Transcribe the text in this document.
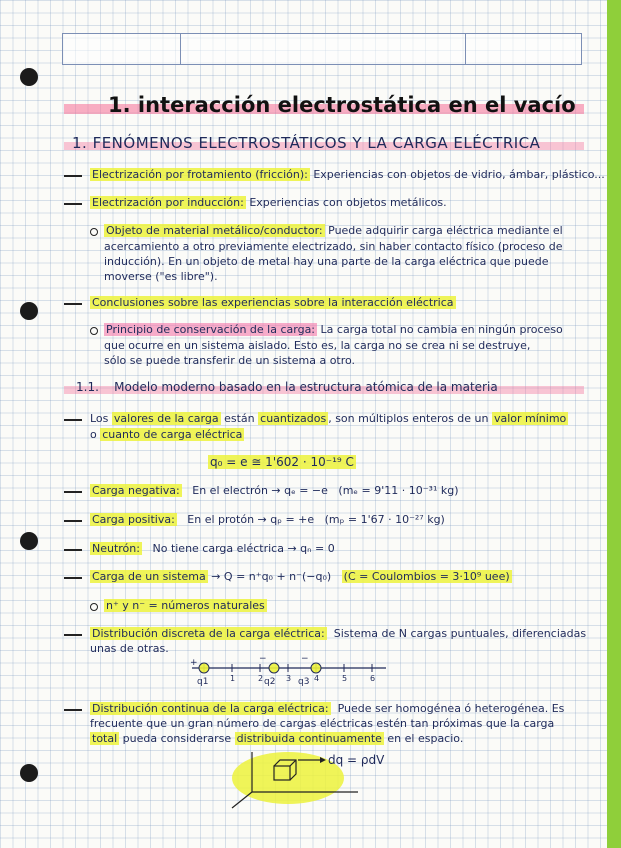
1. interacción electrostática en el vacío
1. FENÓMENOS ELECTROSTÁTICOS Y LA CARGA ELÉCTRICA
Electrización por frotamiento (fricción): Experiencias con objetos de vidrio, ámbar, plástico...
Electrización por inducción: Experiencias con objetos metálicos.
Objeto de material metálico/conductor: Puede adquirir carga eléctrica mediante el
acercamiento a otro previamente electrizado, sin haber contacto físico (proceso de
inducción). En un objeto de metal hay una parte de la carga eléctrica que puede
moverse ("es libre").
Conclusiones sobre las experiencias sobre la interacción eléctrica
Principio de conservación de la carga: La carga total no cambia en ningún proceso
que ocurre en un sistema aislado. Esto es, la carga no se crea ni se destruye,
sólo se puede transferir de un sistema a otro.
1.1. Modelo moderno basado en la estructura atómica de la materia
Los valores de la carga están cuantizados , son múltiplos enteros de un valor mínimo
o cuanto de carga eléctrica
q₀ = e ≅ 1'602 · 10⁻¹⁹ C
Carga negativa: En el electrón → qₑ = −e (mₑ = 9'11 · 10⁻³¹ kg)
Carga positiva: En el protón → qₚ = +e (mₚ = 1'67 · 10⁻²⁷ kg)
Neutrón: No tiene carga eléctrica → qₙ = 0
Carga de un sistema → Q = n⁺q₀ + n⁻(−q₀) (C = Coulombios = 3·10⁹ uee)
n⁺ y n⁻ = números naturales
Distribución discreta de la carga eléctrica: Sistema de N cargas puntuales, diferenciadas
unas de otras.
+	−	−
q1	q2	q3
1	2	3	4	5	6
Distribución continua de la carga eléctrica: Puede ser homogénea ó heterogénea. Es
frecuente que un gran número de cargas eléctricas estén tan próximas que la carga
total pueda considerarse distribuida continuamente en el espacio.
dq = ρdV
